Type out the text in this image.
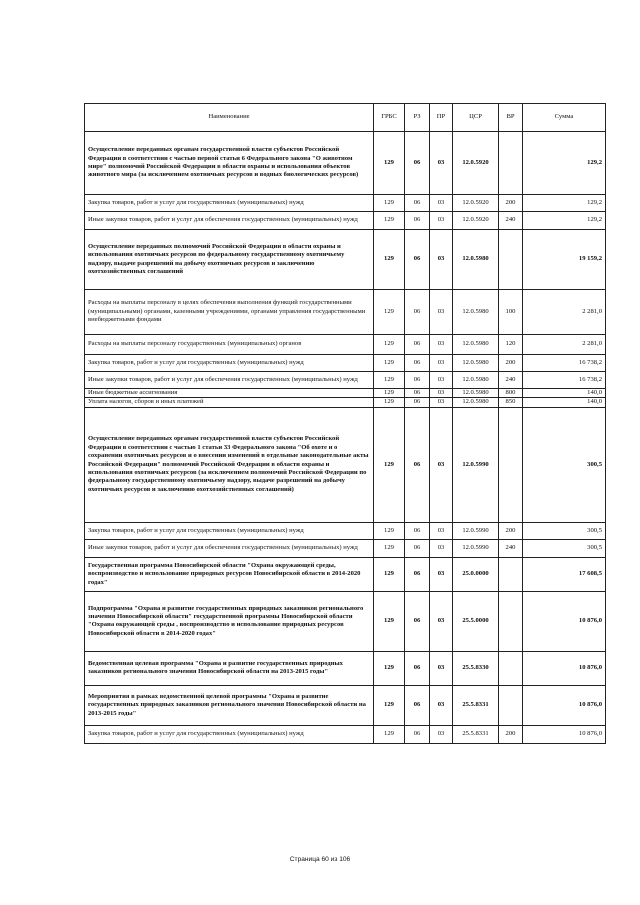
Наименование	ГРБС	РЗ	ПР	ЦСР	ВР	Сумма
Осуществление переданных органам государственной власти субъектов Российской Федерации в соответствии с частью первой статьи 6 Федерального закона "О животном мире" полномочий Российской Федерации в области охраны и использования объектов животного мира (за исключением охотничьих ресурсов и водных биологических ресурсов)	129	06	03	12.0.5920		129,2
Закупка товаров, работ и услуг для государственных (муниципальных) нужд	129	06	03	12.0.5920	200	129,2
Иные закупки товаров, работ и услуг для обеспечения государственных (муниципальных) нужд	129	06	03	12.0.5920	240	129,2
Осуществление переданных полномочий Российской Федерации в области охраны и использования охотничьих ресурсов по федеральному государственному охотничьему надзору, выдаче разрешений на добычу охотничьих ресурсов и заключению охотхозяйственных соглашений	129	06	03	12.0.5980		19 159,2
Расходы на выплаты персоналу в целях обеспечения выполнения функций государственными (муниципальными) органами, казенными учреждениями, органами управления государственными внебюджетными фондами	129	06	03	12.0.5980	100	2 281,0
Расходы на выплаты персоналу государственных (муниципальных) органов	129	06	03	12.0.5980	120	2 281,0
Закупка товаров, работ и услуг для государственных (муниципальных) нужд	129	06	03	12.0.5980	200	16 738,2
Иные закупки товаров, работ и услуг для обеспечения государственных (муниципальных) нужд	129	06	03	12.0.5980	240	16 738,2
Иные бюджетные ассигнования	129	06	03	12.0.5980	800	140,0
Уплата налогов, сборов и иных платежей	129	06	03	12.0.5980	850	140,0
Осуществление переданных органам государственной власти субъектов Российской Федерации в соответствии с частью 1 статьи 33 Федерального закона "Об охоте и о сохранении охотничьих ресурсов и о внесении изменений в отдельные законодательные акты Российской Федерации" полномочий Российской Федерации в области охраны и использования охотничьих ресурсов (за исключением полномочий Российской Федерации по федеральному государственному охотничьему надзору, выдаче разрешений на добычу охотничьих ресурсов и заключению охотхозяйственных соглашений)	129	06	03	12.0.5990		300,5
Закупка товаров, работ и услуг для государственных (муниципальных) нужд	129	06	03	12.0.5990	200	300,5
Иные закупки товаров, работ и услуг для обеспечения государственных (муниципальных) нужд	129	06	03	12.0.5990	240	300,5
Государственная программа Новосибирской области "Охрана окружающей среды, воспроизводство и использование природных ресурсов Новосибирской области в 2014-2020 годах"	129	06	03	25.0.0000		17 608,5
Подпрограмма "Охрана и развитие государственных природных заказников регионального значения Новосибирской области" государственной программы Новосибирской области "Охрана окружающей среды , воспроизводство и использование природных ресурсов Новосибирской области в 2014-2020 годах"	129	06	03	25.5.0000		10 876,0
Ведомственная целевая программа "Охрана и развитие государственных природных заказников регионального значения Новосибирской области на 2013-2015 годы"	129	06	03	25.5.8330		10 876,0
Мероприятия в рамках ведомственной целевой программы "Охрана и развитие государственных природных заказников регионального значения Новосибирской области на 2013-2015 годы"	129	06	03	25.5.8331		10 876,0
Закупка товаров, работ и услуг для государственных (муниципальных) нужд	129	06	03	25.5.8331	200	10 876,0
Страница 60 из 106
